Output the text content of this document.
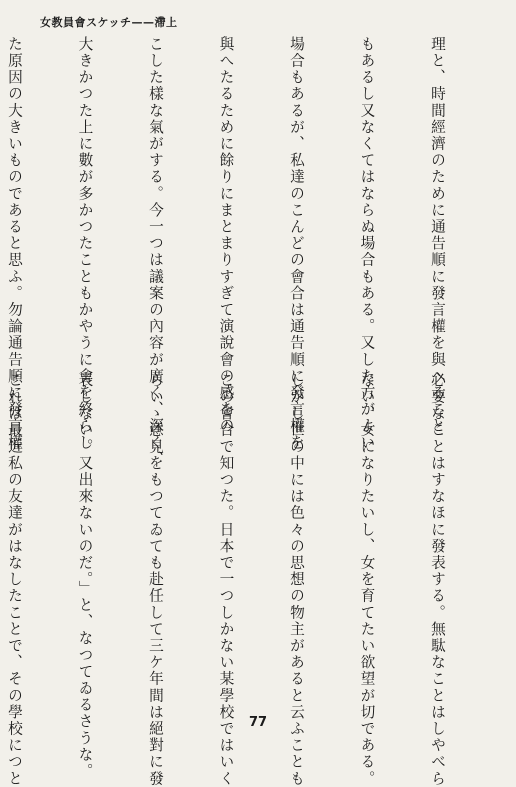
女教員會スケッチ——滯上

理と、時間經濟のために通告順に發言權を與へること

もあるし又なくてはならぬ場合もある。又した方がよい

場合もあるが、私達のこんどの會合は通告順に發言權を

與へたるために餘りにまとまりすぎて演說會の感をの

こした樣な氣がする。今一つは議案の內容が廣く、深く、

大きかつた上に數が多かつたこともかやうに會を終らし

た原因の大きいものであると思ふ。勿論通告順に發言權

必要なことはすなほに發表する。無駄なことはしやべら

ない、女になりたいし、女を育てたい欲望が切である。

しかし世の中には色々の思想の物主があると云ふことも

この會合で知つた。日本で一つしかない某學校ではいく

らいゝ意見をもつてゐても赴任して三ケ年間は絕對に發

表しない。又出來ないのだ。」と、なつてゐるさうな。

これは最近私の友達がはなしたことで、その學校につと

	77
